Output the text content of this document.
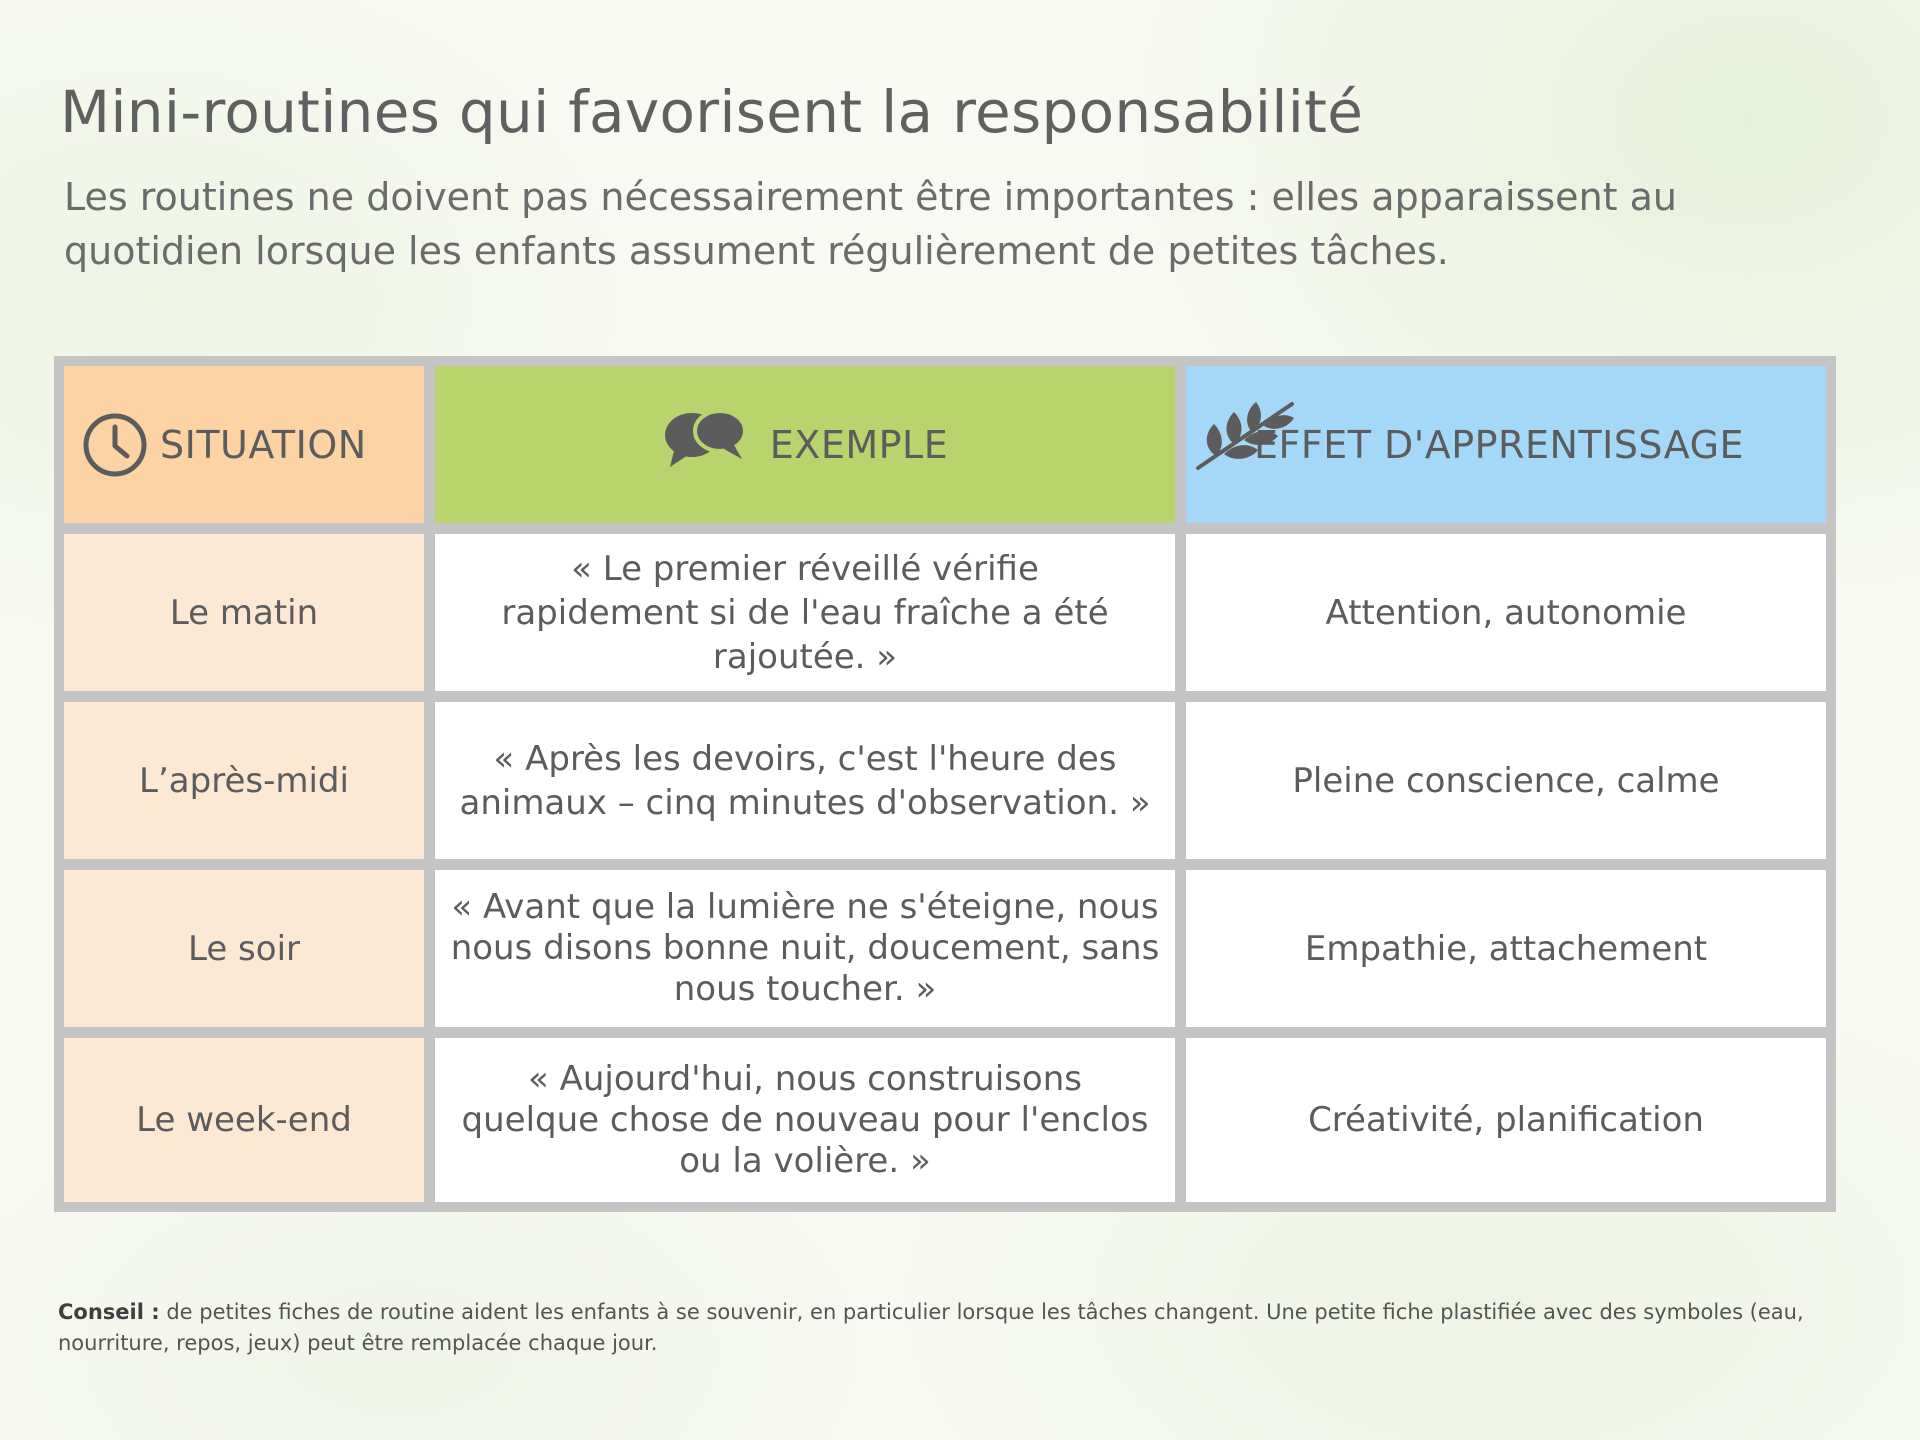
Mini-routines qui favorisent la responsabilité

Les routines ne doivent pas nécessairement être importantes : elles apparaissent au quotidien lorsque les enfants assument régulièrement de petites tâches.

SITUATION	EXEMPLE	EFFET D'APPRENTISSAGE
Le matin
« Le premier réveillé vérifie rapidement si de l'eau fraîche a été rajoutée. »
Attention, autonomie
L’après-midi
« Après les devoirs, c'est l'heure des animaux – cinq minutes d'observation. »
Pleine conscience, calme
Le soir
« Avant que la lumière ne s'éteigne, nous nous disons bonne nuit, doucement, sans nous toucher. »
Empathie, attachement
Le week-end
« Aujourd'hui, nous construisons quelque chose de nouveau pour l'enclos ou la volière. »
Créativité, planification

Conseil : de petites fiches de routine aident les enfants à se souvenir, en particulier lorsque les tâches changent. Une petite fiche plastifiée avec des symboles (eau, nourriture, repos, jeux) peut être remplacée chaque jour.
